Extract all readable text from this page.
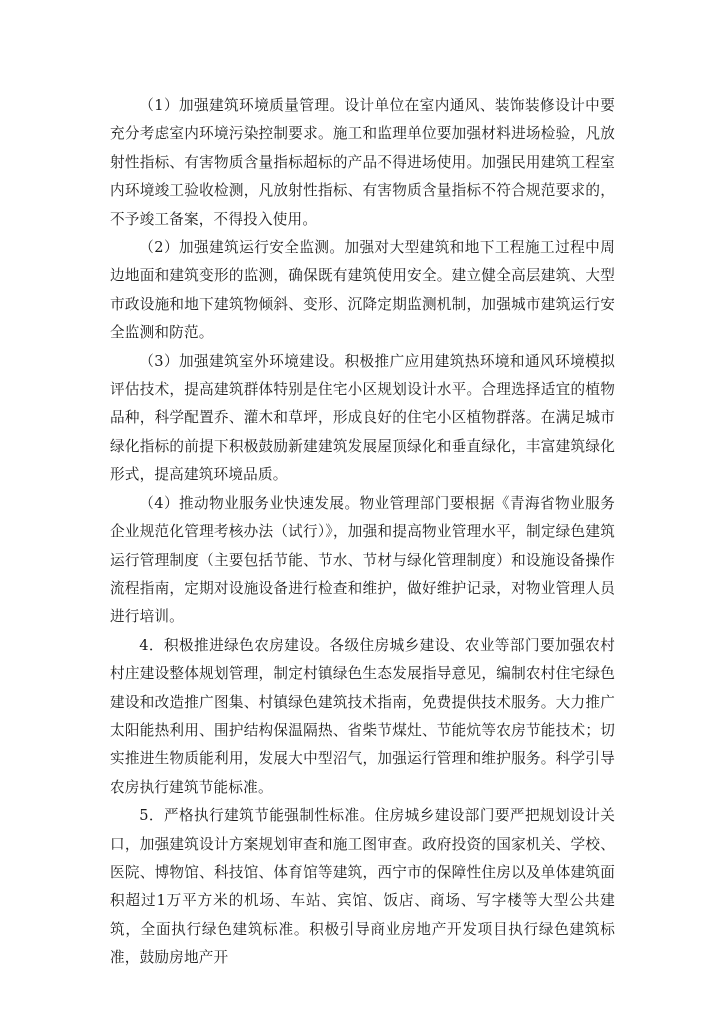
（1）加强建筑环境质量管理。设计单位在室内通风、装饰装修设计中要充分考虑室内环境污染控制要求。施工和监理单位要加强材料进场检验，凡放射性指标、有害物质含量指标超标的产品不得进场使用。加强民用建筑工程室内环境竣工验收检测，凡放射性指标、有害物质含量指标不符合规范要求的，不予竣工备案，不得投入使用。

（2）加强建筑运行安全监测。加强对大型建筑和地下工程施工过程中周边地面和建筑变形的监测，确保既有建筑使用安全。建立健全高层建筑、大型市政设施和地下建筑物倾斜、变形、沉降定期监测机制，加强城市建筑运行安全监测和防范。

（3）加强建筑室外环境建设。积极推广应用建筑热环境和通风环境模拟评估技术，提高建筑群体特别是住宅小区规划设计水平。合理选择适宜的植物品种，科学配置乔、灌木和草坪，形成良好的住宅小区植物群落。在满足城市绿化指标的前提下积极鼓励新建建筑发展屋顶绿化和垂直绿化，丰富建筑绿化形式，提高建筑环境品质。

（4）推动物业服务业快速发展。物业管理部门要根据《青海省物业服务企业规范化管理考核办法（试行）》，加强和提高物业管理水平，制定绿色建筑运行管理制度（主要包括节能、节水、节材与绿化管理制度）和设施设备操作流程指南，定期对设施设备进行检查和维护，做好维护记录，对物业管理人员进行培训。

4．积极推进绿色农房建设。各级住房城乡建设、农业等部门要加强农村村庄建设整体规划管理，制定村镇绿色生态发展指导意见，编制农村住宅绿色建设和改造推广图集、村镇绿色建筑技术指南，免费提供技术服务。大力推广太阳能热利用、围护结构保温隔热、省柴节煤灶、节能炕等农房节能技术；切实推进生物质能利用，发展大中型沼气，加强运行管理和维护服务。科学引导农房执行建筑节能标准。

5．严格执行建筑节能强制性标准。住房城乡建设部门要严把规划设计关口，加强建筑设计方案规划审查和施工图审查。政府投资的国家机关、学校、医院、博物馆、科技馆、体育馆等建筑，西宁市的保障性住房以及单体建筑面积超过1万平方米的机场、车站、宾馆、饭店、商场、写字楼等大型公共建筑，全面执行绿色建筑标准。积极引导商业房地产开发项目执行绿色建筑标准，鼓励房地产开
